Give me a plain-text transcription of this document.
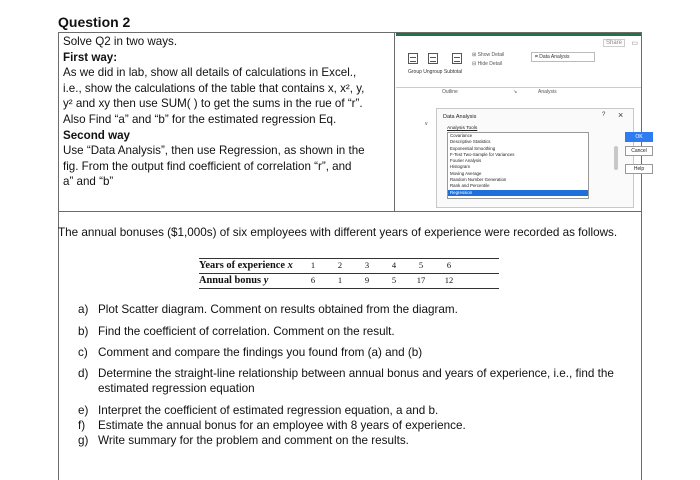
Question 2
Solve Q2 in two ways.
First way:
As we did in lab, show all details of calculations in Excel.,
i.e., show the calculations of the table that contains x, x², y,
y² and xy then use SUM( ) to get the sums in the rue of “r”.
Also Find “a” and “b” for the estimated regression Eq.
Second way
Use “Data Analysis”, then use Regression, as shown in the
fig. From the output find coefficient of correlation “r”, and
a” and “b”
Share	▭
⊞ Show Detail
⊟ Hide Detail
⌗ Data Analysis
Group Ungroup Subtotal
Outline	↘	Analysis
Data Analysis	? ×
Analysis Tools
Covariance
Descriptive Statistics
Exponential Smoothing
F-Test Two-Sample for Variances
Fourier Analysis
Histogram
Moving Average
Random Number Generation
Rank and Percentile
Regression
OK
Cancel
Help
v
The annual bonuses ($1,000s) of six employees with different years of experience were recorded as follows.
Years of experience x	1	2	3	4	5	6
Annual bonus y	6	1	9	5	17	12
a) Plot Scatter diagram. Comment on results obtained from the diagram.
b) Find the coefficient of correlation. Comment on the result.
c) Comment and compare the findings you found from (a) and (b)
d) Determine the straight-line relationship between annual bonus and years of experience, i.e., find the estimated regression equation
e) Interpret the coefficient of estimated regression equation, a and b.
f)	Estimate the annual bonus for an employee with 8 years of experience.
g) Write summary for the problem and comment on the results.
